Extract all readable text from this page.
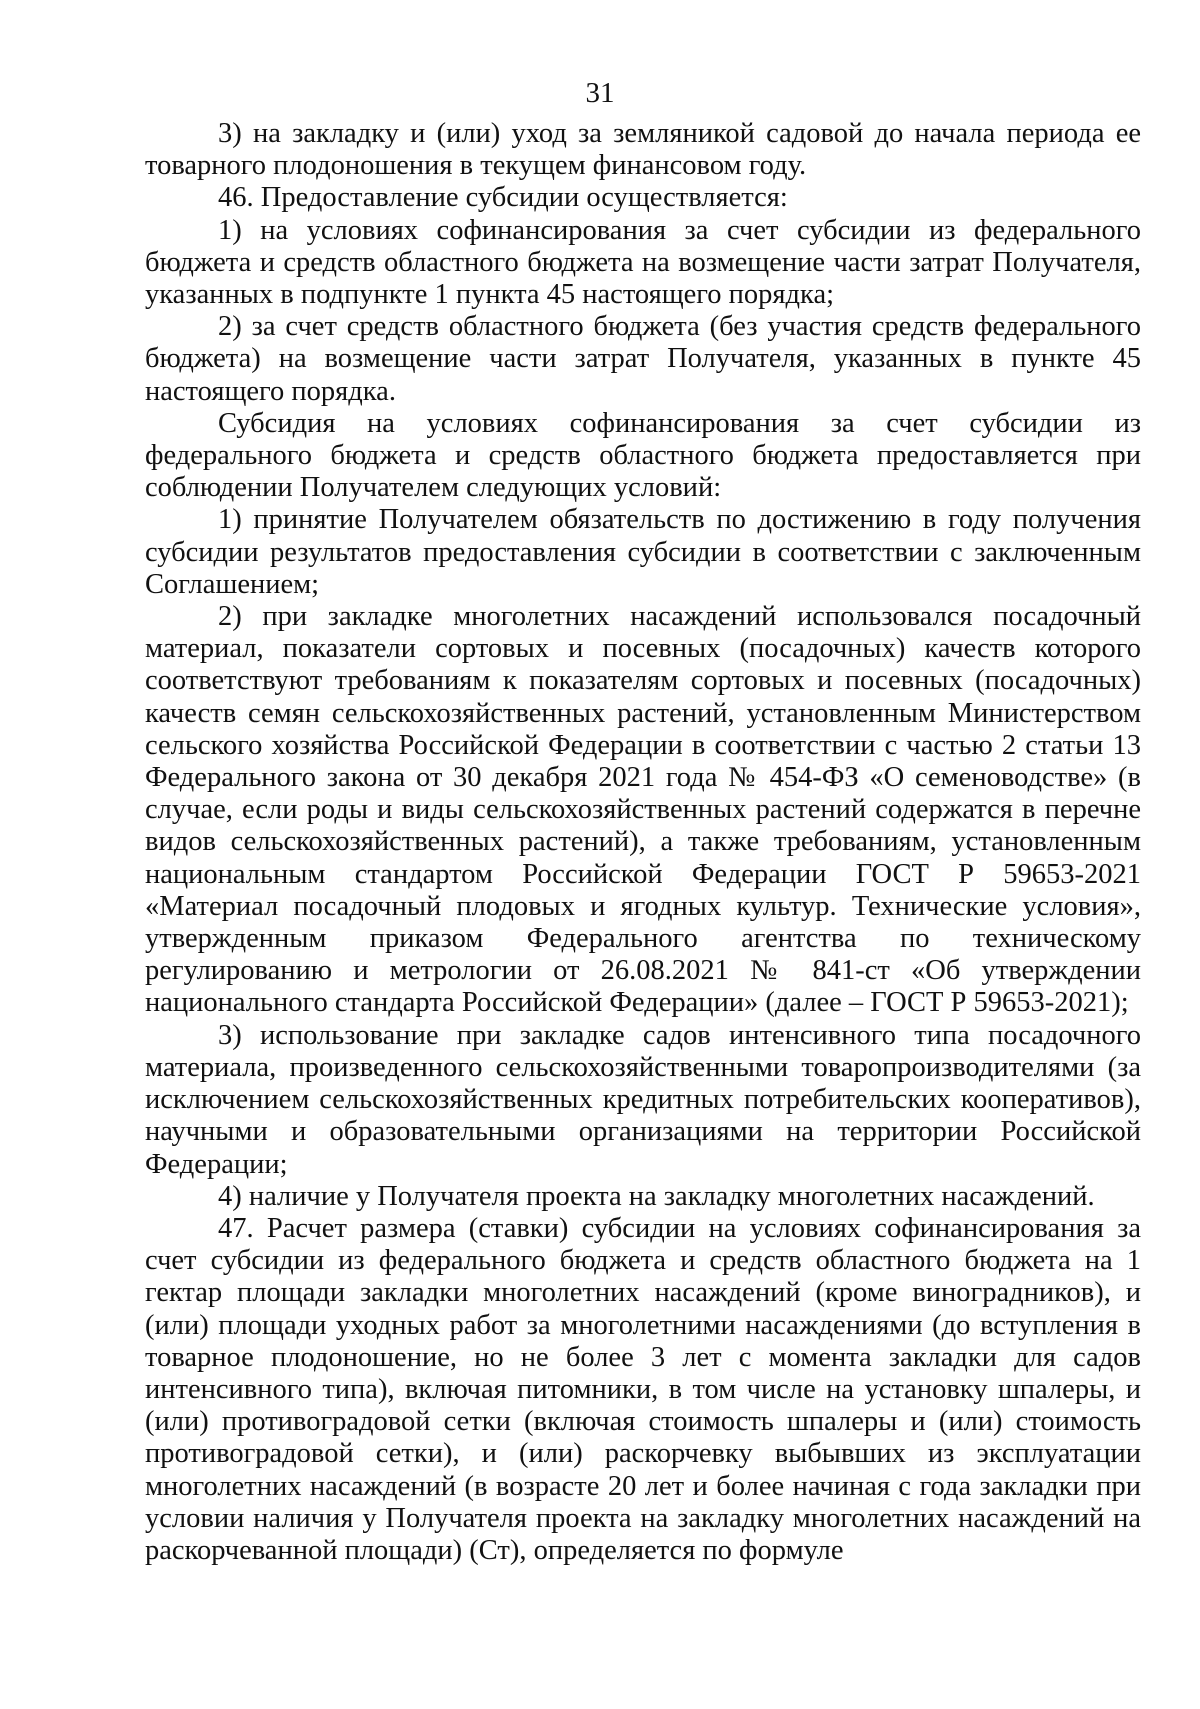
31

3) на закладку и (или) уход за земляникой садовой до начала периода ее товарного плодоношения в текущем финансовом году.

46. Предоставление субсидии осуществляется:

1) на условиях софинансирования за счет субсидии из федерального бюджета и средств областного бюджета на возмещение части затрат Получателя, указанных в подпункте 1 пункта 45 настоящего порядка;

2) за счет средств областного бюджета (без участия средств федерального бюджета) на возмещение части затрат Получателя, указанных в пункте 45 настоящего порядка.

Субсидия на условиях софинансирования за счет субсидии из федерального бюджета и средств областного бюджета предоставляется при соблюдении Получателем следующих условий:

1) принятие Получателем обязательств по достижению в году получения субсидии результатов предоставления субсидии в соответствии с заключенным Соглашением;

2) при закладке многолетних насаждений использовался посадочный материал, показатели сортовых и посевных (посадочных) качеств которого соответствуют требованиям к показателям сортовых и посевных (посадочных) качеств семян сельскохозяйственных растений, установленным Министерством сельского хозяйства Российской Федерации в соответствии с частью 2 статьи 13 Федерального закона от 30 декабря 2021 года № 454-ФЗ «О семеноводстве» (в случае, если роды и виды сельскохозяйственных растений содержатся в перечне видов сельскохозяйственных растений), а также требованиям, установленным национальным стандартом Российской Федерации ГОСТ Р 59653-2021 «Материал посадочный плодовых и ягодных культур. Технические условия», утвержденным приказом Федерального агентства по техническому регулированию и метрологии от 26.08.2021 № 841-ст «Об утверждении национального стандарта Российской Федерации» (далее – ГОСТ Р 59653-2021);

3) использование при закладке садов интенсивного типа посадочного материала, произведенного сельскохозяйственными товаропроизводителями (за исключением сельскохозяйственных кредитных потребительских кооперативов), научными и образовательными организациями на территории Российской Федерации;

4) наличие у Получателя проекта на закладку многолетних насаждений.

47. Расчет размера (ставки) субсидии на условиях софинансирования за счет субсидии из федерального бюджета и средств областного бюджета на 1 гектар площади закладки многолетних насаждений (кроме виноградников), и (или) площади уходных работ за многолетними насаждениями (до вступления в товарное плодоношение, но не более 3 лет с момента закладки для садов интенсивного типа), включая питомники, в том числе на установку шпалеры, и (или) противоградовой сетки (включая стоимость шпалеры и (или) стоимость противоградовой сетки), и (или) раскорчевку выбывших из эксплуатации многолетних насаждений (в возрасте 20 лет и более начиная с года закладки при условии наличия у Получателя проекта на закладку многолетних насаждений на раскорчеванной площади) (Ст), определяется по формуле
